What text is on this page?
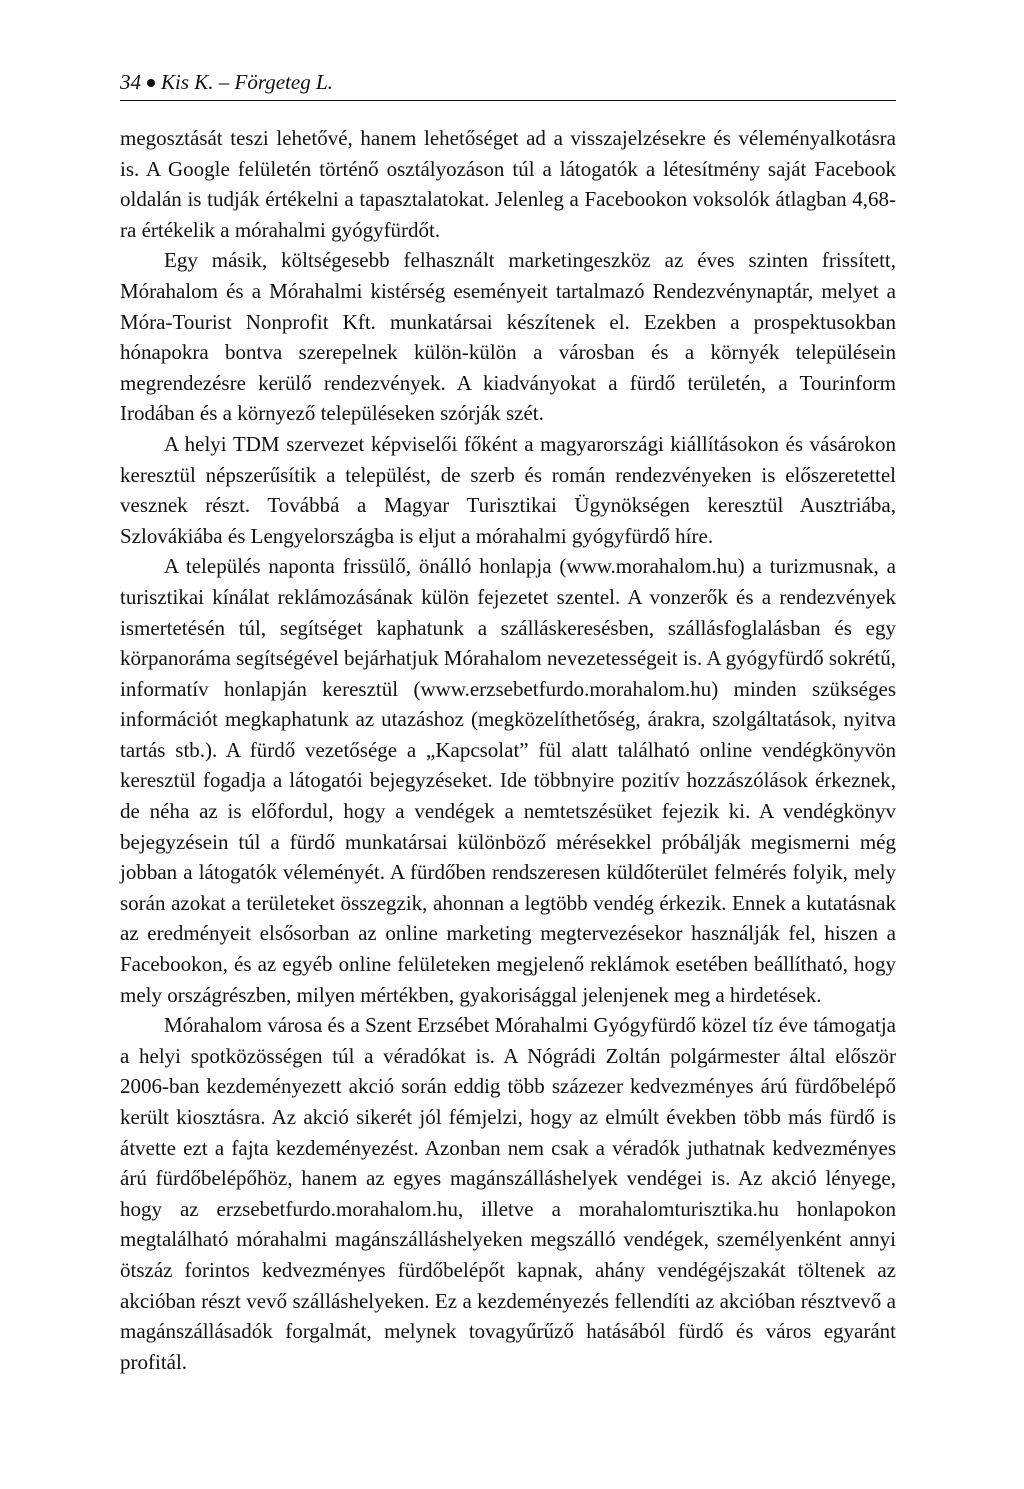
34 Kis K. – Förgeteg L.

megosztását teszi lehetővé, hanem lehetőséget ad a visszajelzésekre és véleményalkotásra is. A Google felületén történő osztályozáson túl a látogatók a létesítmény saját Facebook oldalán is tudják értékelni a tapasztalatokat. Jelenleg a Facebookon voksolók átlagban 4,68-ra értékelik a mórahalmi gyógyfürdőt.

Egy másik, költségesebb felhasznált marketingeszköz az éves szinten frissített, Mórahalom és a Mórahalmi kistérség eseményeit tartalmazó Rendezvénynaptár, melyet a Móra-Tourist Nonprofit Kft. munkatársai készítenek el. Ezekben a prospektusokban hónapokra bontva szerepelnek külön-külön a városban és a környék településein megrendezésre kerülő rendezvények. A kiadványokat a fürdő területén, a Tourinform Irodában és a környező településeken szórják szét.

A helyi TDM szervezet képviselői főként a magyarországi kiállításokon és vásárokon keresztül népszerűsítik a települést, de szerb és román rendezvényeken is előszeretettel vesznek részt. Továbbá a Magyar Turisztikai Ügynökségen keresztül Ausztriába, Szlovákiába és Lengyelországba is eljut a mórahalmi gyógyfürdő híre.

A település naponta frissülő, önálló honlapja (www.morahalom.hu) a turizmusnak, a turisztikai kínálat reklámozásának külön fejezetet szentel. A vonzerők és a rendezvények ismertetésén túl, segítséget kaphatunk a szálláskeresésben, szállásfoglalásban és egy körpanoráma segítségével bejárhatjuk Mórahalom nevezetességeit is. A gyógyfürdő sokrétű, informatív honlapján keresztül (www.erzsebetfurdo.morahalom.hu) minden szükséges információt megkaphatunk az utazáshoz (megközelíthetőség, árakra, szolgáltatások, nyitva tartás stb.). A fürdő vezetősége a „Kapcsolat” fül alatt található online vendégkönyvön keresztül fogadja a látogatói bejegyzéseket. Ide többnyire pozitív hozzászólások érkeznek, de néha az is előfordul, hogy a vendégek a nemtetszésüket fejezik ki. A vendégkönyv bejegyzésein túl a fürdő munkatársai különböző mérésekkel próbálják megismerni még jobban a látogatók véleményét. A fürdőben rendszeresen küldőterület felmérés folyik, mely során azokat a területeket összegzik, ahonnan a legtöbb vendég érkezik. Ennek a kutatásnak az eredményeit elsősorban az online marketing megtervezésekor használják fel, hiszen a Facebookon, és az egyéb online felületeken megjelenő reklámok esetében beállítható, hogy mely országrészben, milyen mértékben, gyakorisággal jelenjenek meg a hirdetések.

Mórahalom városa és a Szent Erzsébet Mórahalmi Gyógyfürdő közel tíz éve támogatja a helyi spotközösségen túl a véradókat is. A Nógrádi Zoltán polgármester által először 2006-ban kezdeményezett akció során eddig több százezer kedvezményes árú fürdőbelépő került kiosztásra. Az akció sikerét jól fémjelzi, hogy az elmúlt években több más fürdő is átvette ezt a fajta kezdeményezést. Azonban nem csak a véradók juthatnak kedvezményes árú fürdőbelépőhöz, hanem az egyes magánszálláshelyek vendégei is. Az akció lényege, hogy az erzsebetfurdo.morahalom.hu, illetve a morahalomturisztika.hu honlapokon megtalálható mórahalmi magánszálláshelyeken megszálló vendégek, személyenként annyi ötszáz forintos kedvezményes fürdőbelépőt kapnak, ahány vendégéjszakát töltenek az akcióban részt vevő szálláshelyeken. Ez a kezdeményezés fellendíti az akcióban résztvevő a magánszállásadók forgalmát, melynek tovagyűrűző hatásából fürdő és város egyaránt profitál.
